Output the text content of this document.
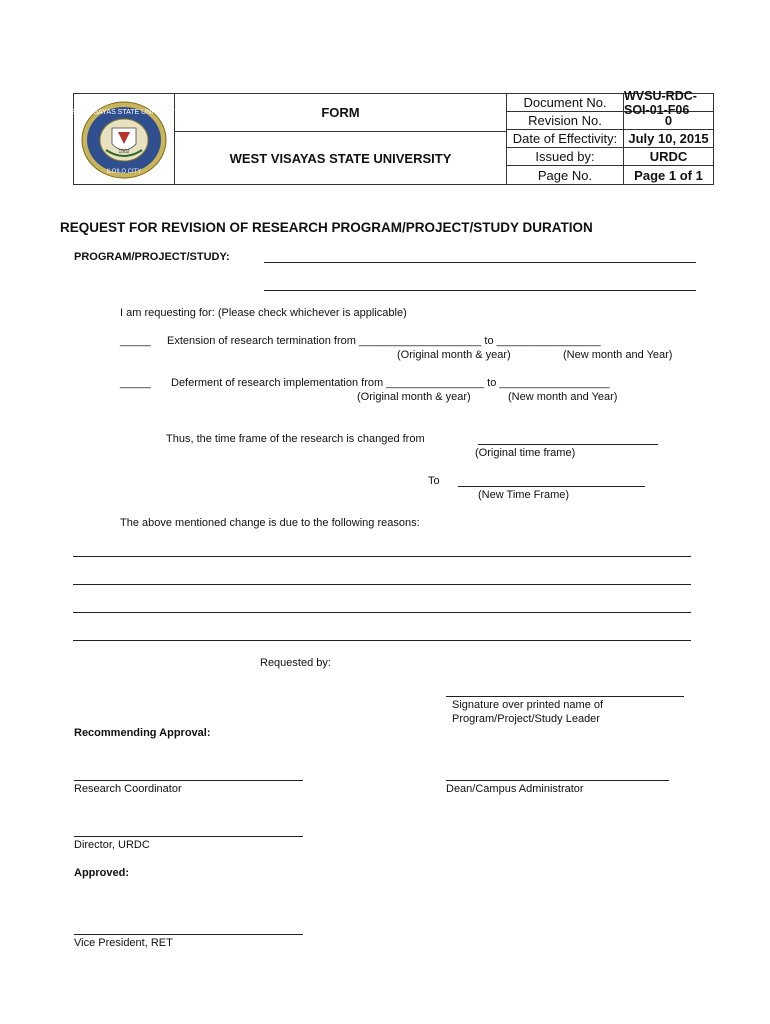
WEST VISAYAS STATE UNIVERSITY
ILOILO CITY
1902
FORM
WEST VISAYAS STATE UNIVERSITY
Document No.	WVSU-RDC-SOI-01-F06
Revision No.	0
Date of Effectivity: July 10, 2015
Issued by:	URDC
Page No.	Page 1 of 1
REQUEST FOR REVISION OF RESEARCH PROGRAM/PROJECT/STUDY DURATION
PROGRAM/PROJECT/STUDY:
I am requesting for: (Please check whichever is applicable)
_____ Extension of research termination from ____________________ to _________________
(Original month & year)	(New month and Year)
_____ Deferment of research implementation from ________________ to __________________
(Original month & year)	(New month and Year)
Thus, the time frame of the research is changed from
(Original time frame)
To
(New Time Frame)
The above mentioned change is due to the following reasons:
Requested by:
Signature over printed name of
Program/Project/Study Leader
Recommending Approval:
Research Coordinator	Dean/Campus Administrator
Director, URDC
Approved:
Vice President, RET
